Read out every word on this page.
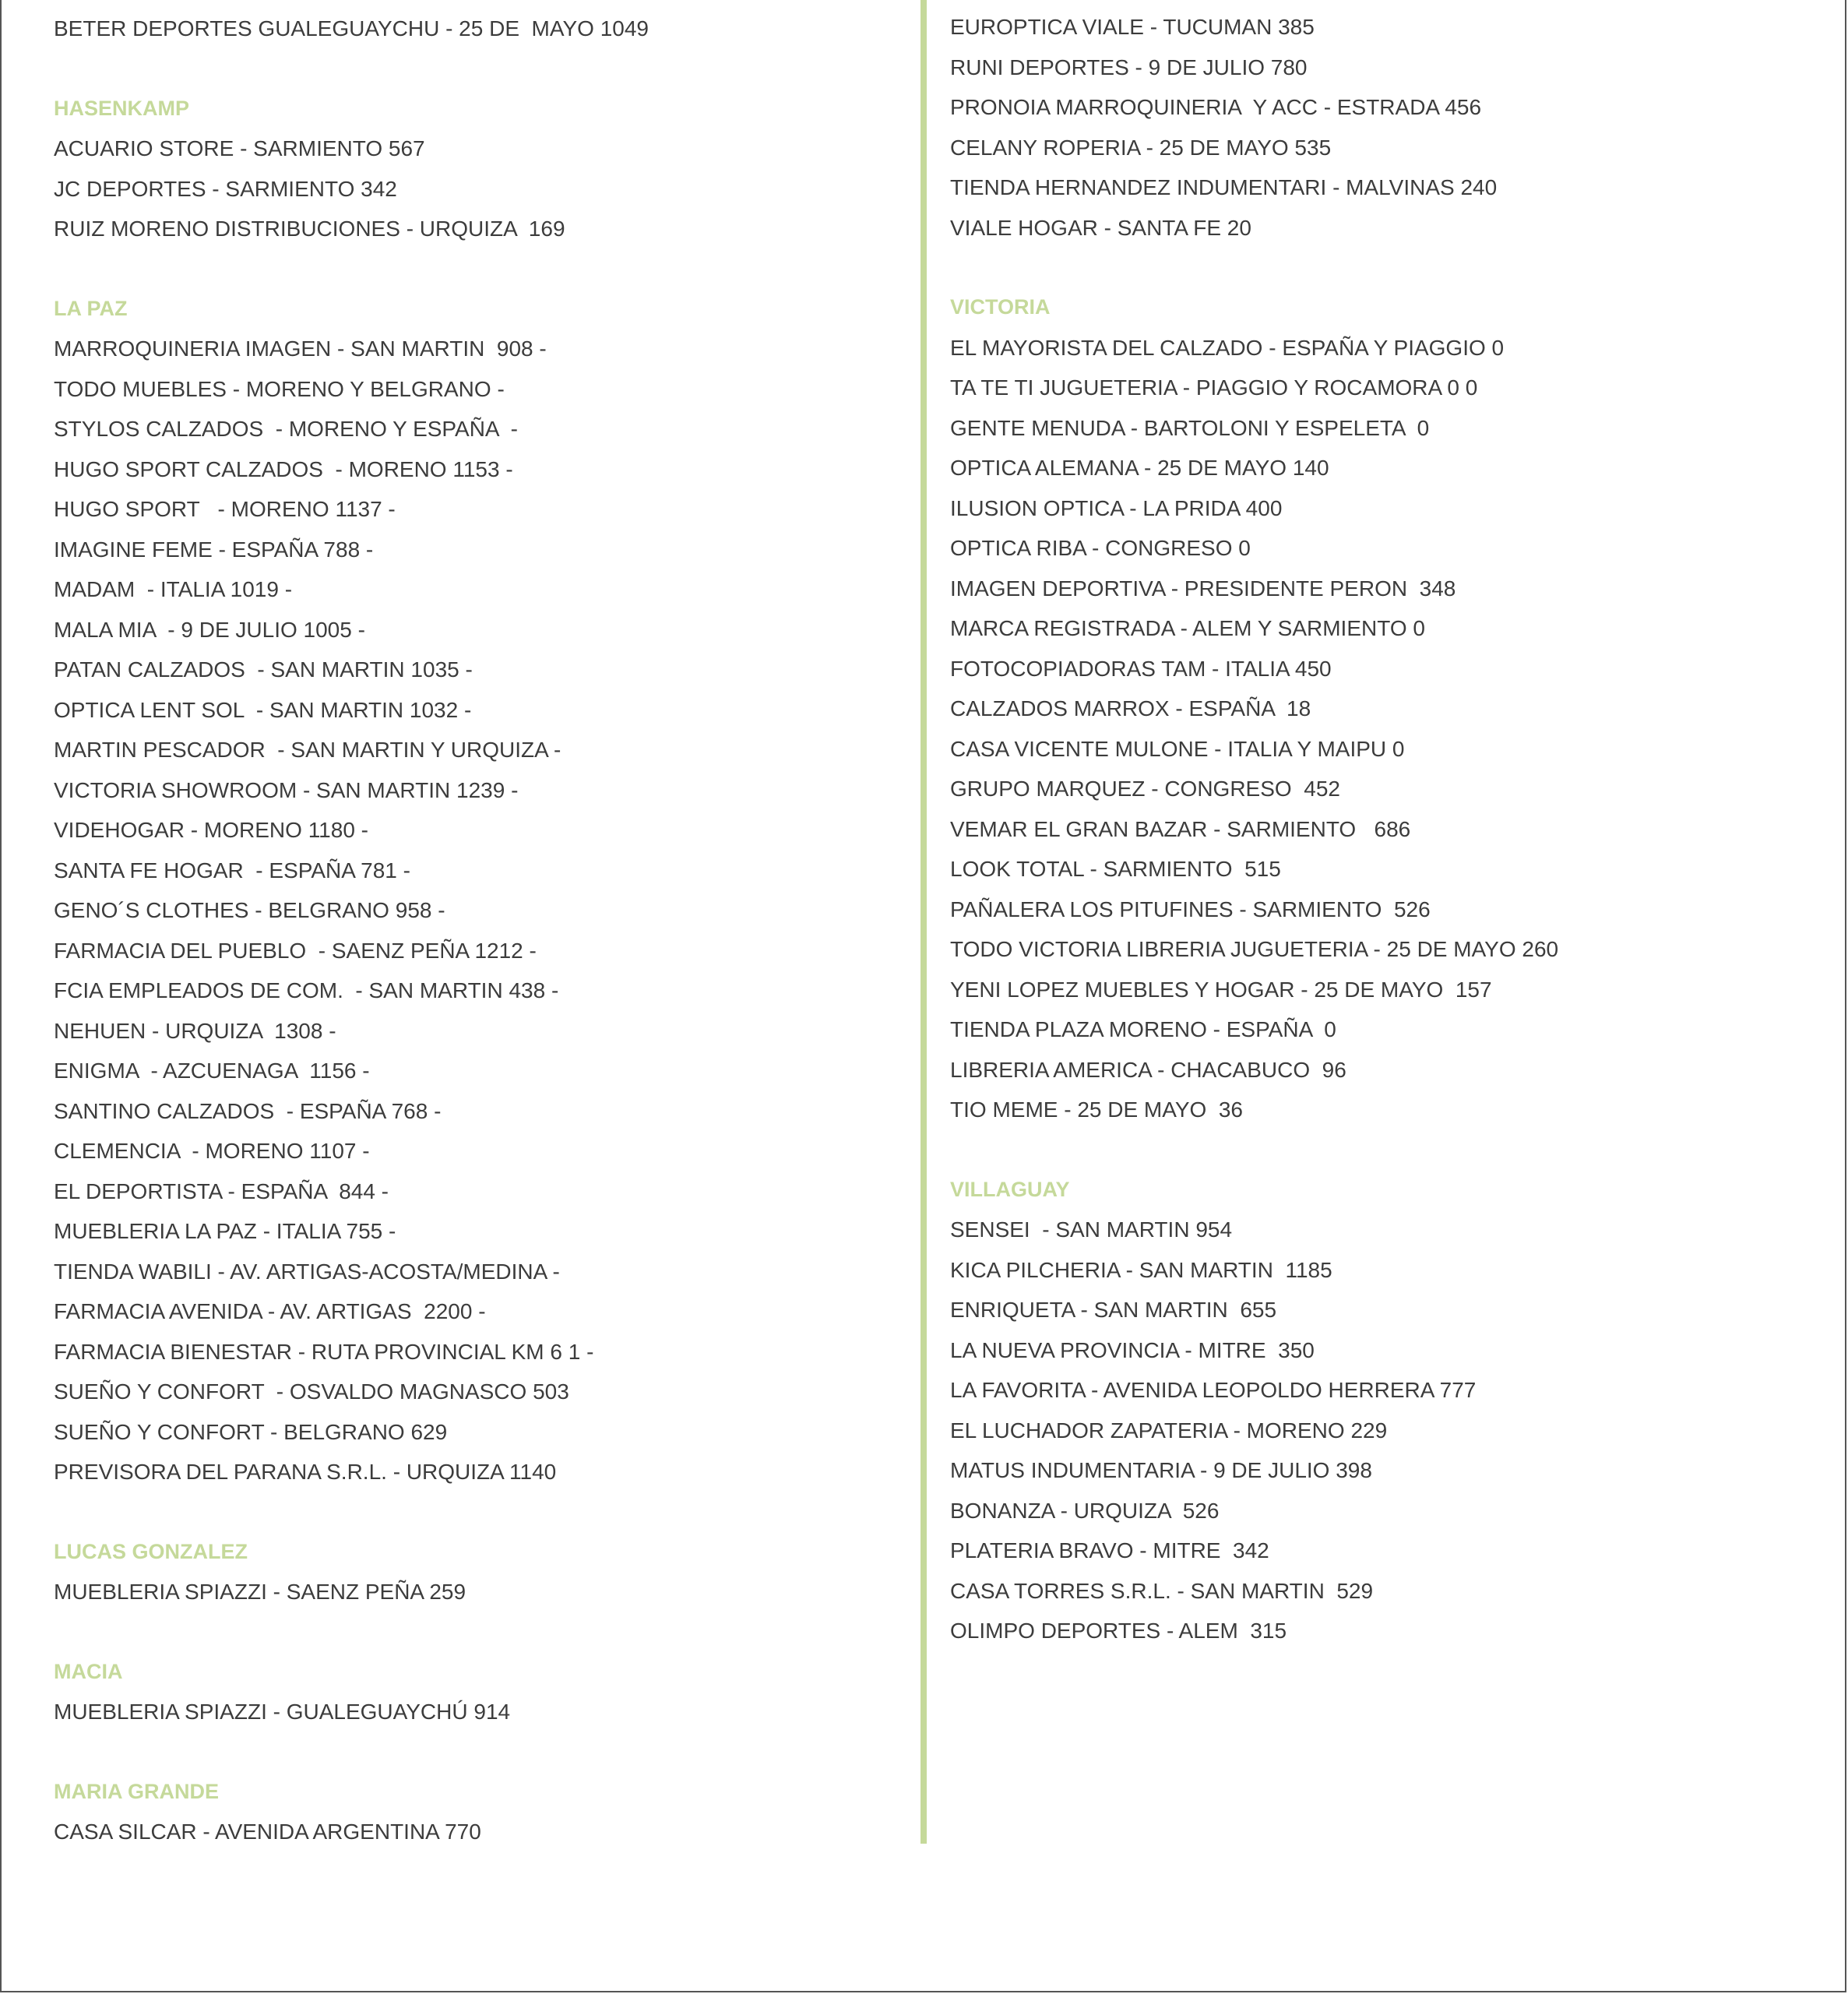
BETER DEPORTES GUALEGUAYCHU - 25 DE  MAYO 1049
HASENKAMP
ACUARIO STORE - SARMIENTO 567
JC DEPORTES - SARMIENTO 342
RUIZ MORENO DISTRIBUCIONES - URQUIZA  169
LA PAZ
MARROQUINERIA IMAGEN - SAN MARTIN  908 -
TODO MUEBLES - MORENO Y BELGRANO -
STYLOS CALZADOS  - MORENO Y ESPAÑA  -
HUGO SPORT CALZADOS  - MORENO 1153 -
HUGO SPORT   - MORENO 1137 -
IMAGINE FEME - ESPAÑA 788 -
MADAM  - ITALIA 1019 -
MALA MIA  - 9 DE JULIO 1005 -
PATAN CALZADOS  - SAN MARTIN 1035 -
OPTICA LENT SOL  - SAN MARTIN 1032 -
MARTIN PESCADOR  - SAN MARTIN Y URQUIZA -
VICTORIA SHOWROOM - SAN MARTIN 1239 -
VIDEHOGAR - MORENO 1180 -
SANTA FE HOGAR  - ESPAÑA 781 -
GENO´S CLOTHES - BELGRANO 958 -
FARMACIA DEL PUEBLO  - SAENZ PEÑA 1212 -
FCIA EMPLEADOS DE COM.  - SAN MARTIN 438 -
NEHUEN - URQUIZA  1308 -
ENIGMA  - AZCUENAGA  1156 -
SANTINO CALZADOS  - ESPAÑA 768 -
CLEMENCIA  - MORENO 1107 -
EL DEPORTISTA - ESPAÑA  844 -
MUEBLERIA LA PAZ - ITALIA 755 -
TIENDA WABILI - AV. ARTIGAS-ACOSTA/MEDINA -
FARMACIA AVENIDA - AV. ARTIGAS  2200 -
FARMACIA BIENESTAR - RUTA PROVINCIAL KM 6 1 -
SUEÑO Y CONFORT  - OSVALDO MAGNASCO 503
SUEÑO Y CONFORT - BELGRANO 629
PREVISORA DEL PARANA S.R.L. - URQUIZA 1140
LUCAS GONZALEZ
MUEBLERIA SPIAZZI - SAENZ PEÑA 259
MACIA
MUEBLERIA SPIAZZI - GUALEGUAYCHÚ 914
MARIA GRANDE
CASA SILCAR - AVENIDA ARGENTINA 770
EUROPTICA VIALE - TUCUMAN 385
RUNI DEPORTES - 9 DE JULIO 780
PRONOIA MARROQUINERIA  Y ACC - ESTRADA 456
CELANY ROPERIA - 25 DE MAYO 535
TIENDA HERNANDEZ INDUMENTARI - MALVINAS 240
VIALE HOGAR - SANTA FE 20
VICTORIA
EL MAYORISTA DEL CALZADO - ESPAÑA Y PIAGGIO 0
TA TE TI JUGUETERIA - PIAGGIO Y ROCAMORA 0 0
GENTE MENUDA - BARTOLONI Y ESPELETA  0
OPTICA ALEMANA - 25 DE MAYO 140
ILUSION OPTICA - LA PRIDA 400
OPTICA RIBA - CONGRESO 0
IMAGEN DEPORTIVA - PRESIDENTE PERON  348
MARCA REGISTRADA - ALEM Y SARMIENTO 0
FOTOCOPIADORAS TAM - ITALIA 450
CALZADOS MARROX - ESPAÑA  18
CASA VICENTE MULONE - ITALIA Y MAIPU 0
GRUPO MARQUEZ - CONGRESO  452
VEMAR EL GRAN BAZAR - SARMIENTO   686
LOOK TOTAL - SARMIENTO  515
PAÑALERA LOS PITUFINES - SARMIENTO  526
TODO VICTORIA LIBRERIA JUGUETERIA - 25 DE MAYO 260
YENI LOPEZ MUEBLES Y HOGAR - 25 DE MAYO  157
TIENDA PLAZA MORENO - ESPAÑA  0
LIBRERIA AMERICA - CHACABUCO  96
TIO MEME - 25 DE MAYO  36
VILLAGUAY
SENSEI  - SAN MARTIN 954
KICA PILCHERIA - SAN MARTIN  1185
ENRIQUETA - SAN MARTIN  655
LA NUEVA PROVINCIA - MITRE  350
LA FAVORITA - AVENIDA LEOPOLDO HERRERA 777
EL LUCHADOR ZAPATERIA - MORENO 229
MATUS INDUMENTARIA - 9 DE JULIO 398
BONANZA - URQUIZA  526
PLATERIA BRAVO - MITRE  342
CASA TORRES S.R.L. - SAN MARTIN  529
OLIMPO DEPORTES - ALEM  315
